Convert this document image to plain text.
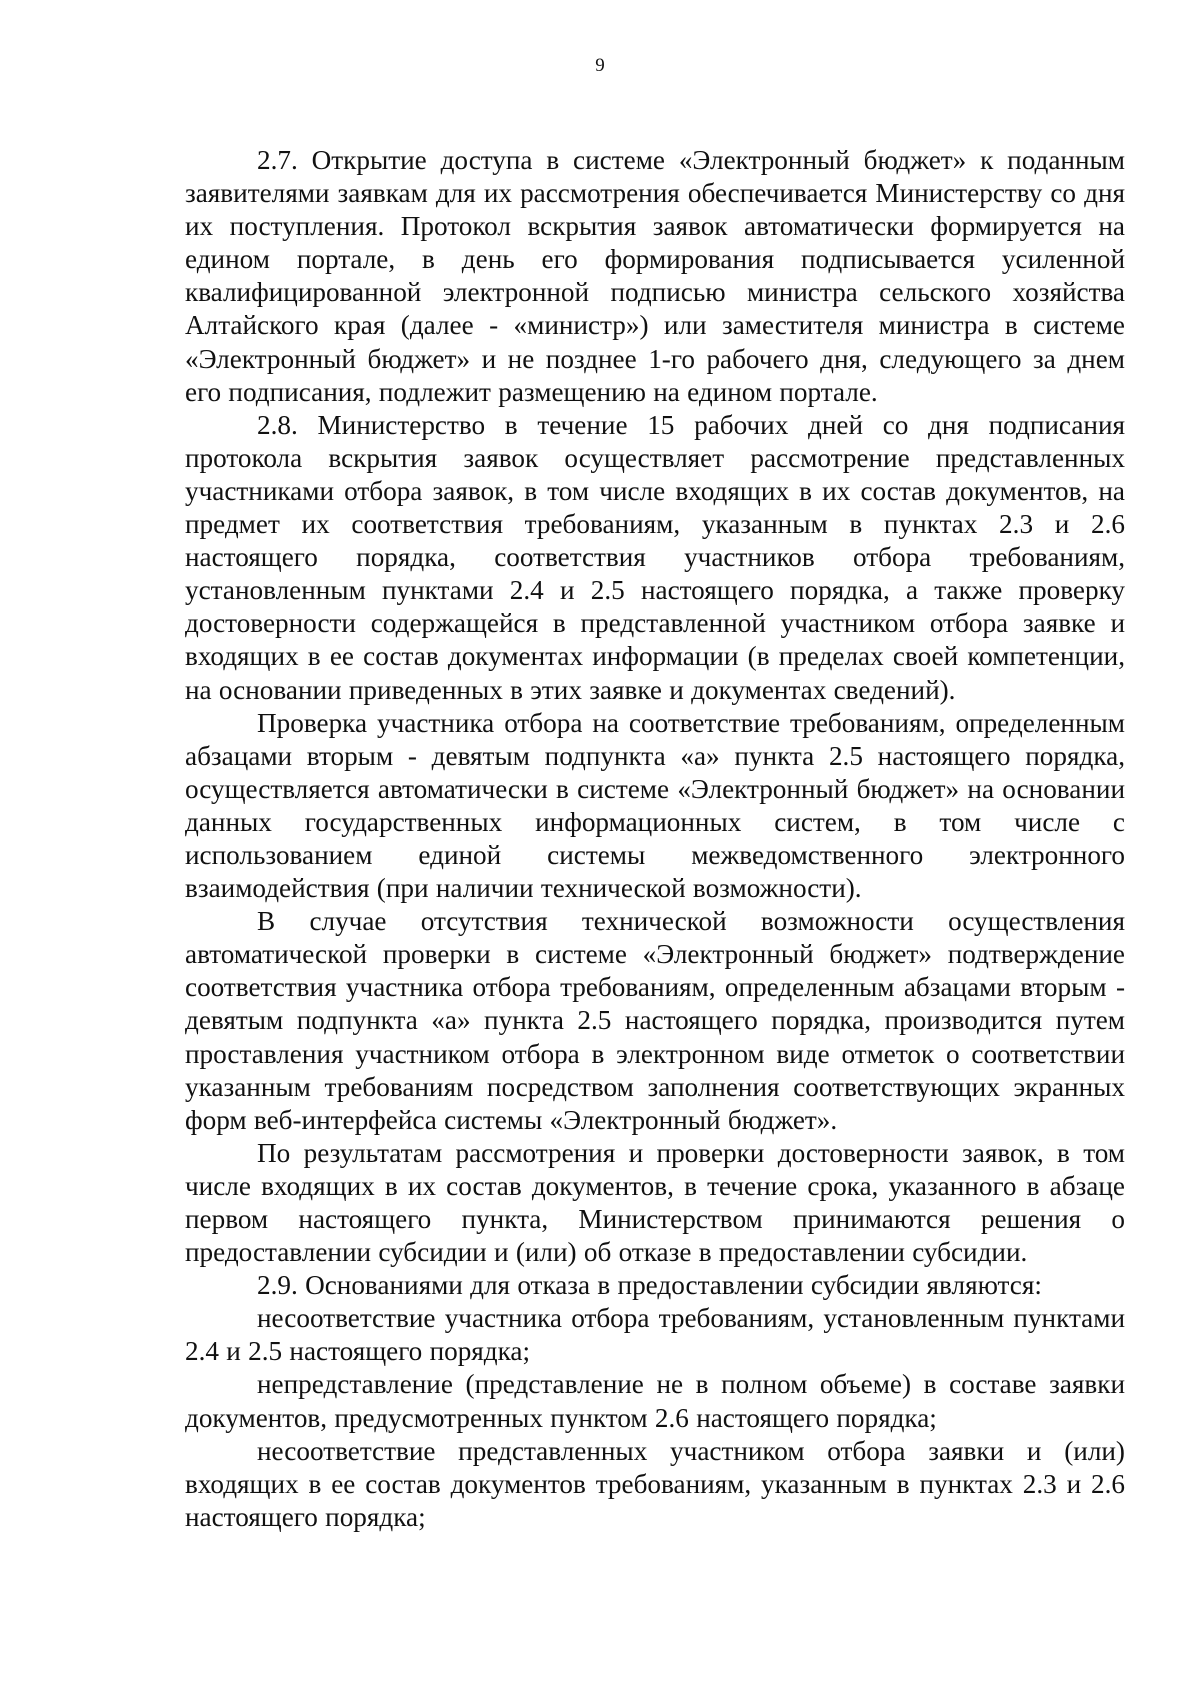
9

2.7. Открытие доступа в системе «Электронный бюджет» к поданным заявителями заявкам для их рассмотрения обеспечивается Министерству со дня их поступления. Протокол вскрытия заявок автоматически формируется на едином портале, в день его формирования подписывается усиленной квалифицированной электронной подписью министра сельского хозяйства Алтайского края (далее - «министр») или заместителя министра в системе «Электронный бюджет» и не позднее 1-го рабочего дня, следующего за днем его подписания, подлежит размещению на едином портале.

2.8. Министерство в течение 15 рабочих дней со дня подписания протокола вскрытия заявок осуществляет рассмотрение представленных участниками отбора заявок, в том числе входящих в их состав документов, на предмет их соответствия требованиям, указанным в пунктах 2.3 и 2.6 настоящего порядка, соответствия участников отбора требованиям, установленным пунктами 2.4 и 2.5 настоящего порядка, а также проверку достоверности содержащейся в представленной участником отбора заявке и входящих в ее состав документах информации (в пределах своей компетенции, на основании приведенных в этих заявке и документах сведений).

Проверка участника отбора на соответствие требованиям, определенным абзацами вторым - девятым подпункта «а» пункта 2.5 настоящего порядка, осуществляется автоматически в системе «Электронный бюджет» на основании данных государственных информационных систем, в том числе с использованием единой системы межведомственного электронного взаимодействия (при наличии технической возможности).

В случае отсутствия технической возможности осуществления автоматической проверки в системе «Электронный бюджет» подтверждение соответствия участника отбора требованиям, определенным абзацами вторым - девятым подпункта «а» пункта 2.5 настоящего порядка, производится путем проставления участником отбора в электронном виде отметок о соответствии указанным требованиям посредством заполнения соответствующих экранных форм веб-интерфейса системы «Электронный бюджет».

По результатам рассмотрения и проверки достоверности заявок, в том числе входящих в их состав документов, в течение срока, указанного в абзаце первом настоящего пункта, Министерством принимаются решения о предоставлении субсидии и (или) об отказе в предоставлении субсидии.

2.9. Основаниями для отказа в предоставлении субсидии являются:

несоответствие участника отбора требованиям, установленным пунктами 2.4 и 2.5 настоящего порядка;

непредставление (представление не в полном объеме) в составе заявки документов, предусмотренных пунктом 2.6 настоящего порядка;

несоответствие представленных участником отбора заявки и (или) входящих в ее состав документов требованиям, указанным в пунктах 2.3 и 2.6 настоящего порядка;
